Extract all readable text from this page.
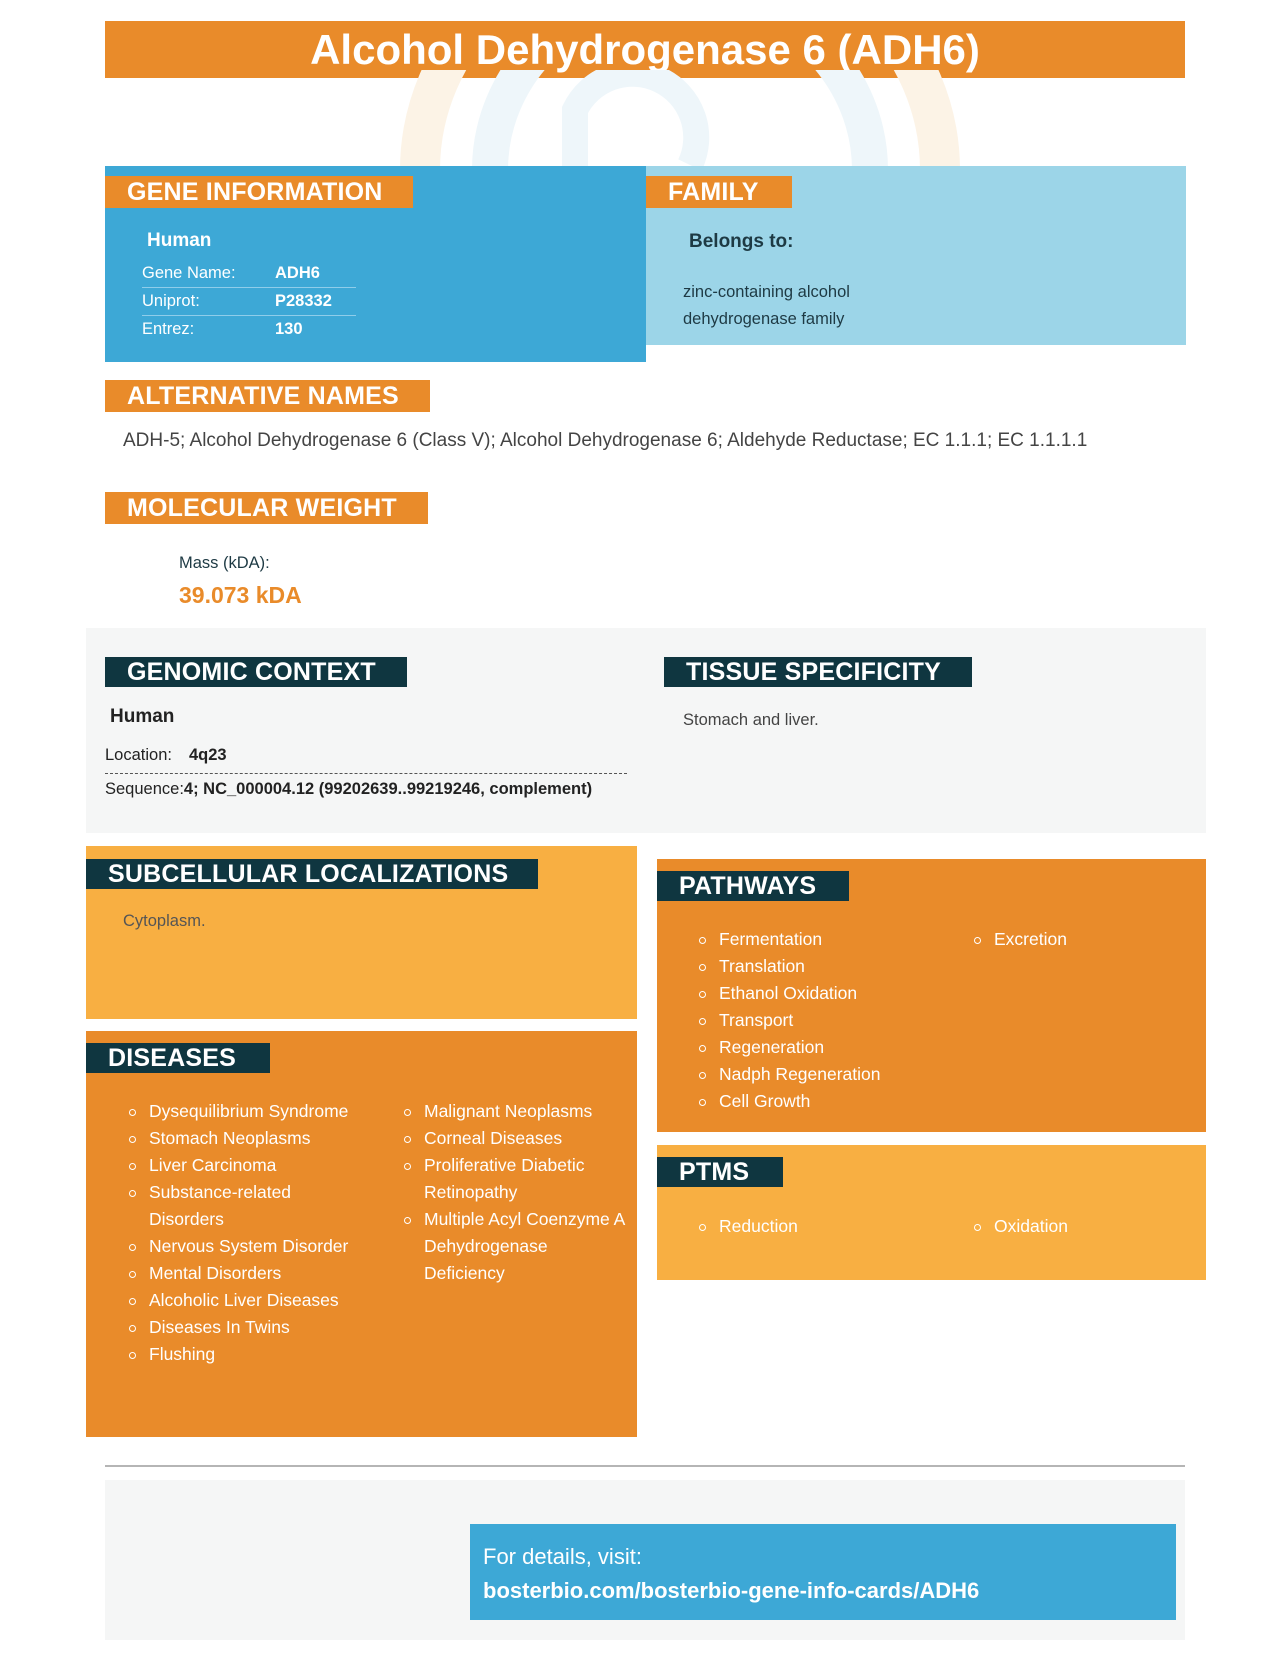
Alcohol Dehydrogenase 6 (ADH6)
GENE INFORMATION
Human
Gene Name: ADH6
Uniprot:	P28332
Entrez:	130
FAMILY
Belongs to:
zinc-containing alcohol dehydrogenase family
ALTERNATIVE NAMES
ADH-5; Alcohol Dehydrogenase 6 (Class V); Alcohol Dehydrogenase 6; Aldehyde Reductase; EC 1.1.1; EC 1.1.1.1
MOLECULAR WEIGHT
Mass (kDA):
39.073 kDA
GENOMIC CONTEXT
Human
Location: 4q23
Sequence:4; NC_000004.12 (99202639..99219246, complement)
TISSUE SPECIFICITY
Stomach and liver.
SUBCELLULAR LOCALIZATIONS
Cytoplasm.
PATHWAYS
Fermentation
Translation
Ethanol Oxidation
Transport
Regeneration
Nadph Regeneration
Cell Growth
Excretion
DISEASES
Dysequilibrium Syndrome
Stomach Neoplasms
Liver Carcinoma
Substance-related Disorders
Nervous System Disorder
Mental Disorders
Alcoholic Liver Diseases
Diseases In Twins
Flushing
Malignant Neoplasms
Corneal Diseases
Proliferative Diabetic Retinopathy
Multiple Acyl Coenzyme A Dehydrogenase Deficiency
PTMS
Reduction	Oxidation
For details, visit:
bosterbio.com/bosterbio-gene-info-cards/ADH6
